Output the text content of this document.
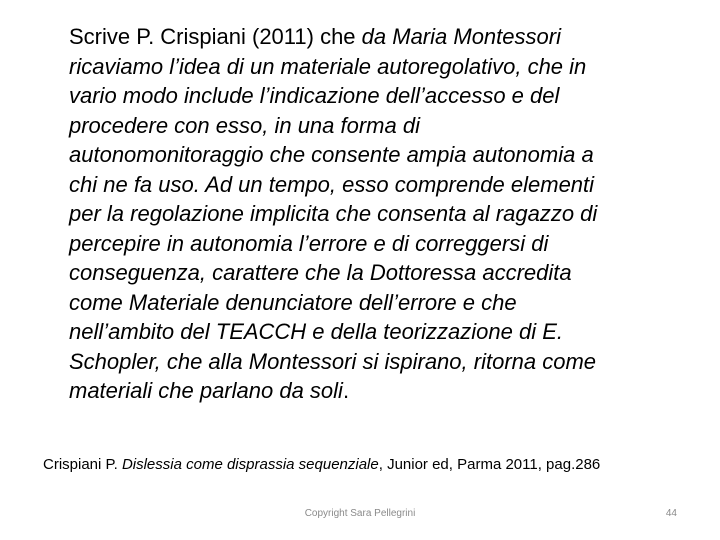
Scrive P. Crispiani (2011) che da Maria Montessori
ricaviamo l’idea di un materiale autoregolativo, che in
vario modo include l’indicazione dell’accesso e del
procedere con esso, in una forma di
autonomonitoraggio che consente ampia autonomia a
chi ne fa uso. Ad un tempo, esso comprende elementi
per la regolazione implicita che consenta al ragazzo di
percepire in autonomia l’errore e di correggersi di
conseguenza, carattere che la Dottoressa accredita
come Materiale denunciatore dell’errore e che
nell’ambito del TEACCH e della teorizzazione di E.
Schopler, che alla Montessori si ispirano, ritorna come
materiali che parlano da soli.
Crispiani P. Dislessia come disprassia sequenziale, Junior ed, Parma 2011, pag.286
Copyright Sara Pellegrini	44
